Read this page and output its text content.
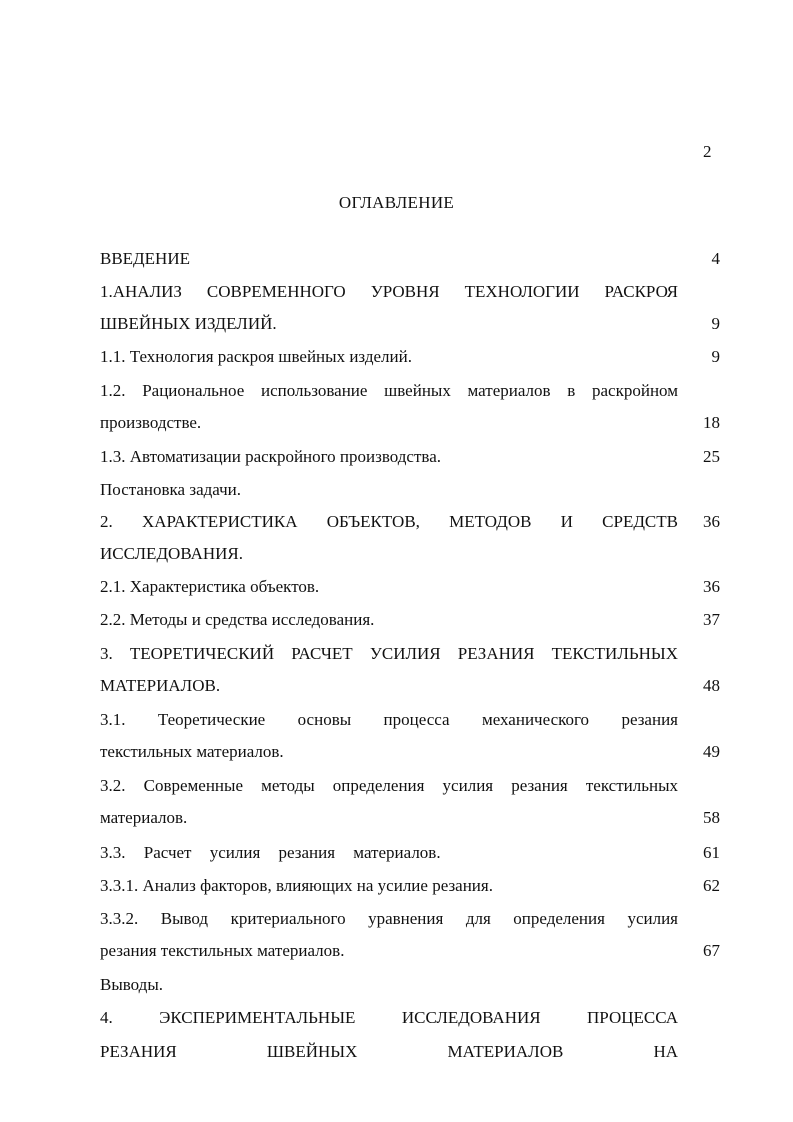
2
ОГЛАВЛЕНИЕ
ВВЕДЕНИЕ	4
1.АНАЛИЗ СОВРЕМЕННОГО УРОВНЯ ТЕХНОЛОГИИ РАСКРОЯ
ШВЕЙНЫХ ИЗДЕЛИЙ.	9
1.1. Технология раскроя швейных изделий.	9
1.2. Рациональное использование швейных материалов в раскройном
производстве.	18
1.3. Автоматизации раскройного производства.	25
Постановка задачи.
2. ХАРАКТЕРИСТИКА ОБЪЕКТОВ, МЕТОДОВ И СРЕДСТВ	36
ИССЛЕДОВАНИЯ.
2.1. Характеристика объектов.	36
2.2. Методы и средства исследования.	37
3. ТЕОРЕТИЧЕСКИЙ РАСЧЕТ УСИЛИЯ РЕЗАНИЯ ТЕКСТИЛЬНЫХ
МАТЕРИАЛОВ.	48
3.1. Теоретические основы процесса механического резания
текстильных материалов.	49
3.2. Современные методы определения усилия резания текстильных
материалов.	58
3.3. Расчет усилия резания материалов.	61
3.3.1. Анализ факторов, влияющих на усилие резания.	62
3.3.2. Вывод критериального уравнения для определения усилия
резания текстильных материалов.	67
Выводы.
4. ЭКСПЕРИМЕНТАЛЬНЫЕ ИССЛЕДОВАНИЯ ПРОЦЕССА
РЕЗАНИЯ ШВЕЙНЫХ МАТЕРИАЛОВ НА
